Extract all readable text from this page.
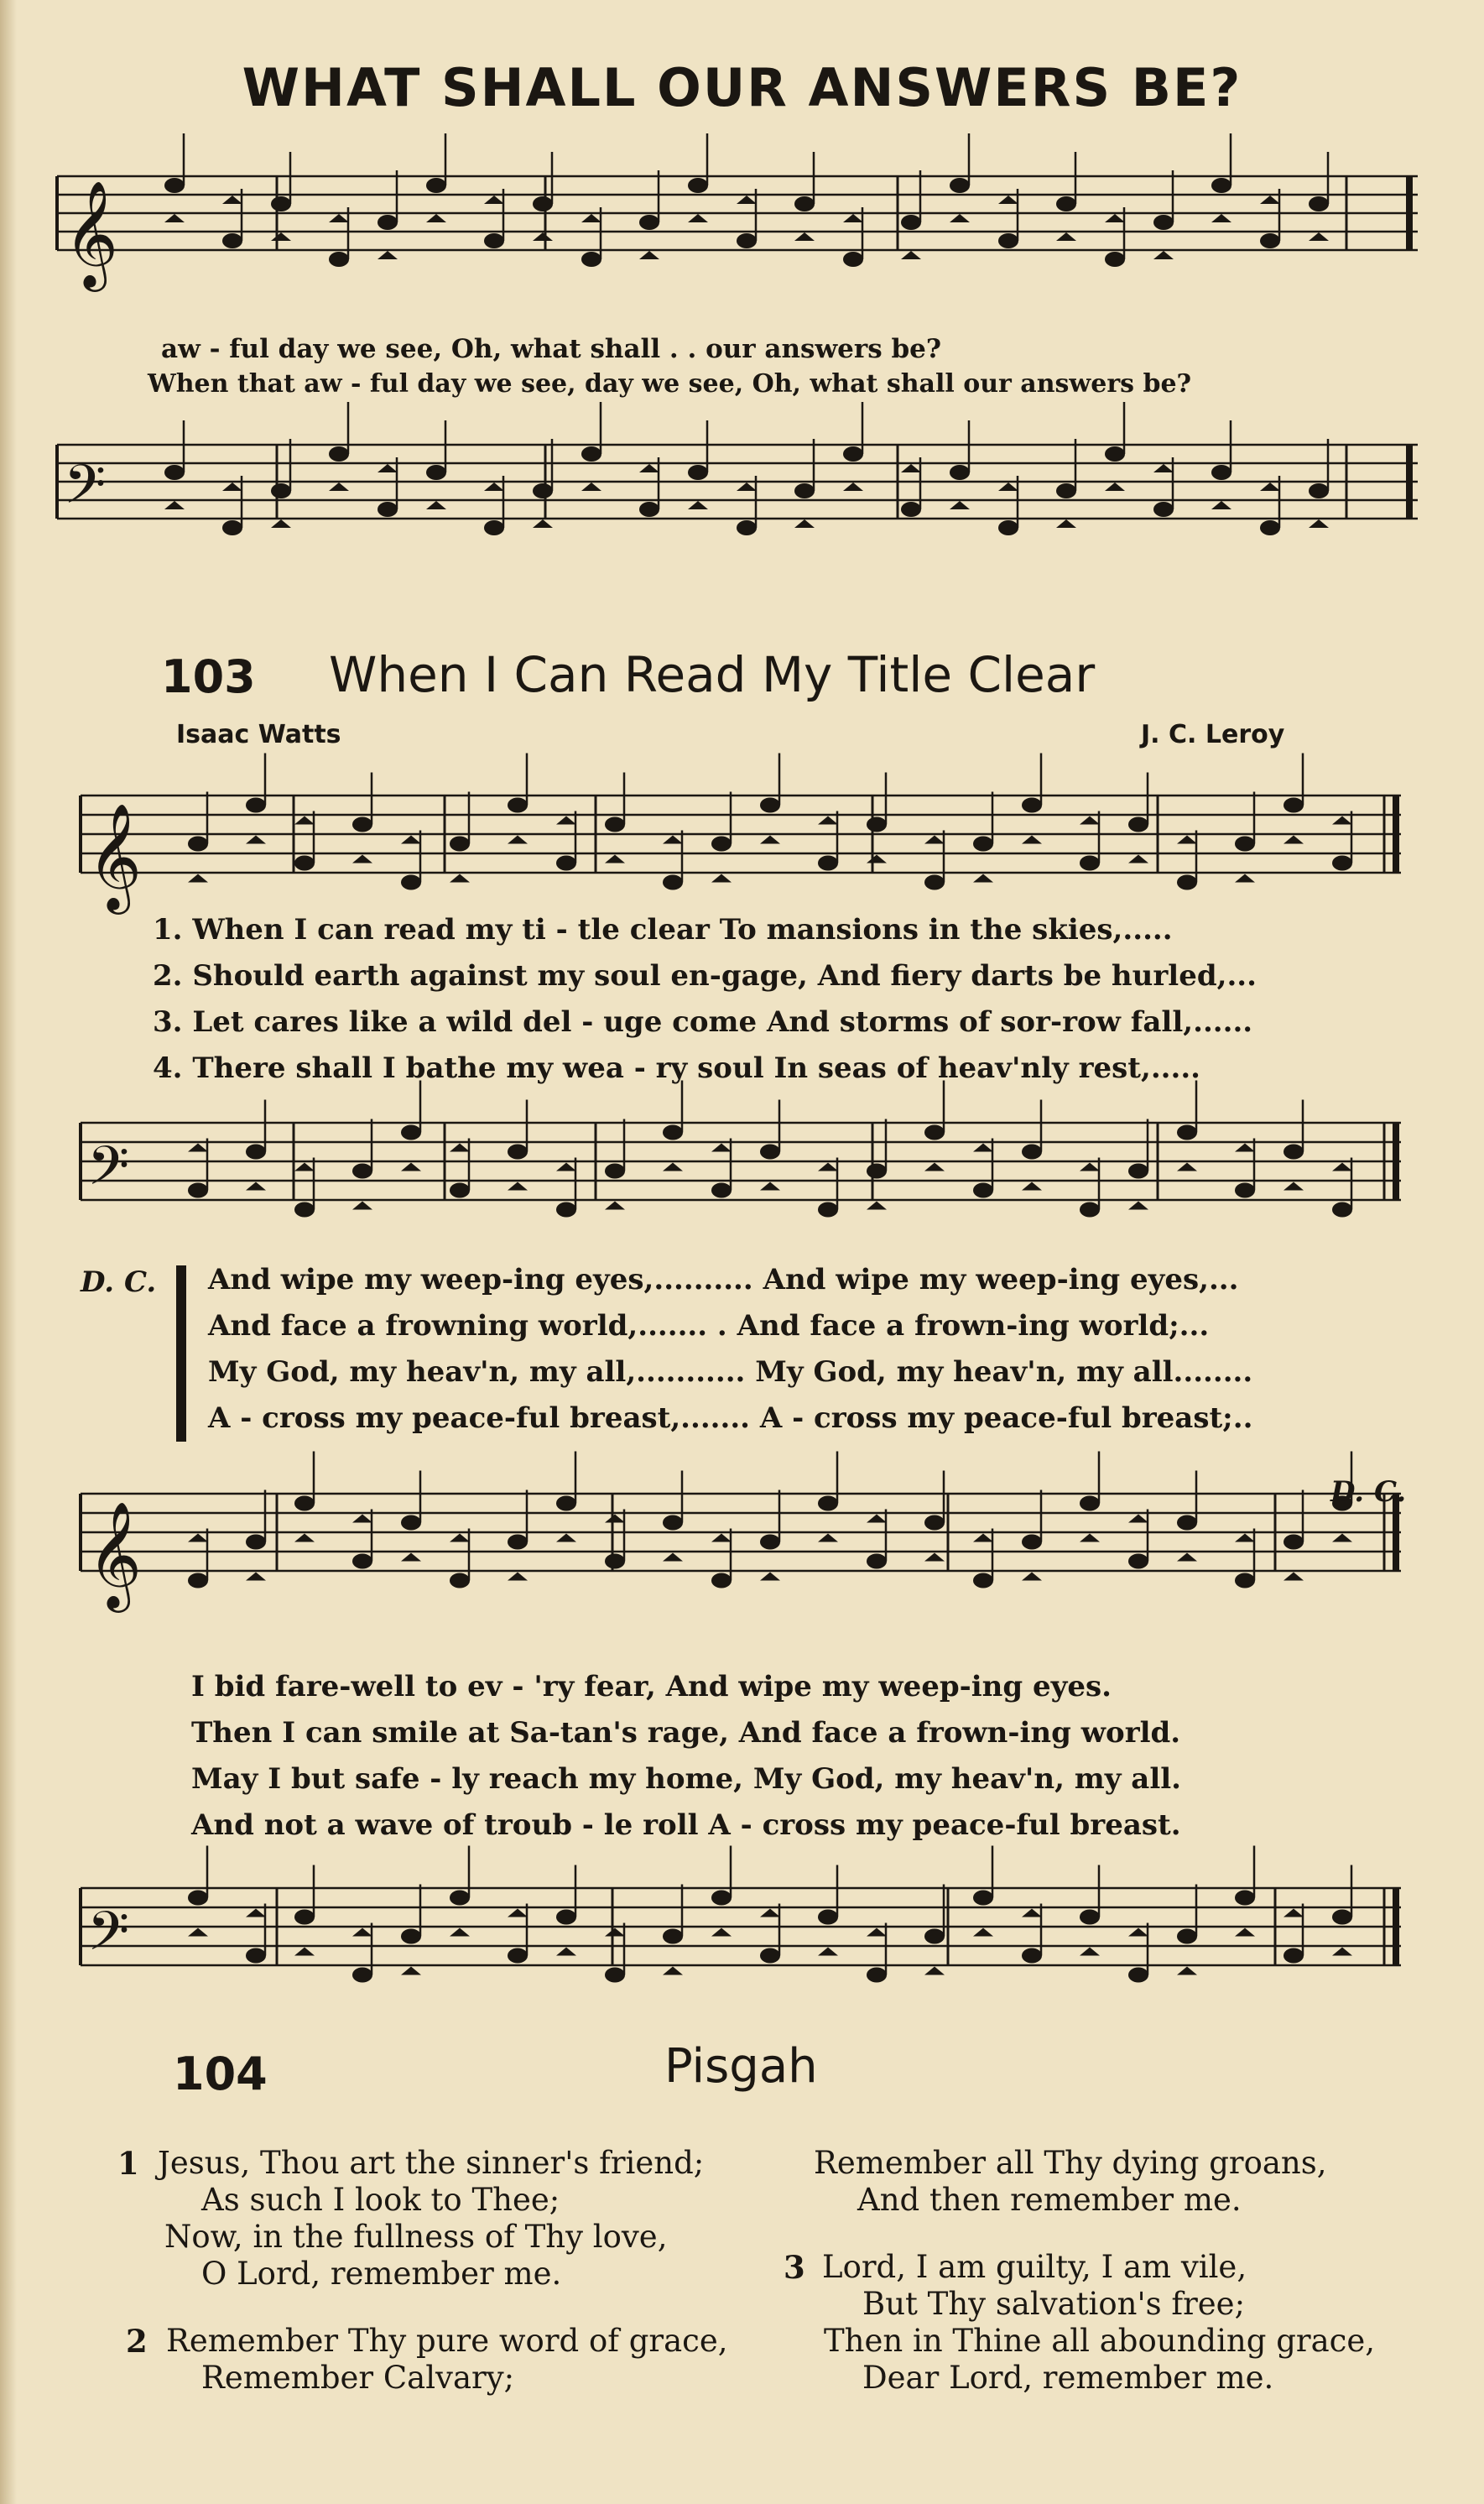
WHAT SHALL OUR ANSWERS BE?
𝄞
𝄢
𝄞
𝄢
𝄞
𝄢
aw - ful day we see, Oh, what shall . . our answers be?
When that aw - ful day we see, day we see, Oh, what shall our answers be?
103 When I Can Read My Title Clear
Isaac Watts	J. C. Leroy
1. When I can read my ti - tle clear To mansions in the skies,.....
2. Should earth against my soul en-gage, And fiery darts be hurled,...
3. Let cares like a wild del - uge come And storms of sor-row fall,......
4. There shall I bathe my wea - ry soul In seas of heav'nly rest,.....
D. C. And wipe my weep-ing eyes,.......... And wipe my weep-ing eyes,...
And face a frowning world,....... . And face a frown-ing world;...
My God, my heav'n, my all,........... My God, my heav'n, my all........
A - cross my peace-ful breast,....... A - cross my peace-ful breast;..
D. C.
I bid fare-well to ev - 'ry fear, And wipe my weep-ing eyes.
Then I can smile at Sa-tan's rage, And face a frown-ing world.
May I but safe - ly reach my home, My God, my heav'n, my all.
And not a wave of troub - le roll A - cross my peace-ful breast.
104	Pisgah
1 Jesus, Thou art the sinner's friend;
As such I look to Thee;
Now, in the fullness of Thy love,
O Lord, remember me.
2 Remember Thy pure word of grace,
Remember Calvary;
Remember all Thy dying groans,
And then remember me.
3 Lord, I am guilty, I am vile,
But Thy salvation's free;
Then in Thine all abounding grace,
Dear Lord, remember me.
